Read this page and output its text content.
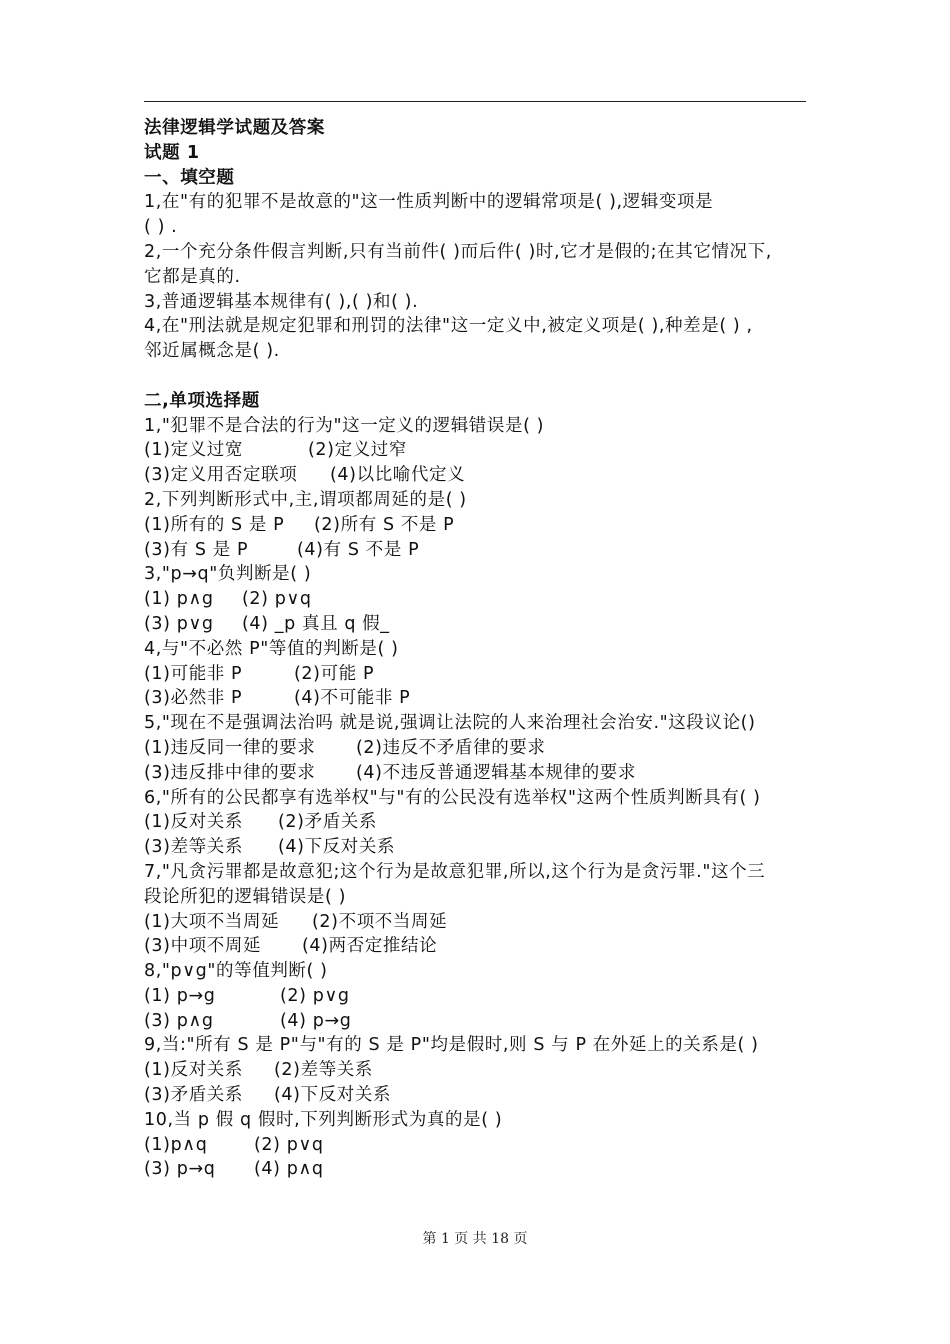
法律逻辑学试题及答案
试题 1
一、填空题
1,在"有的犯罪不是故意的"这一性质判断中的逻辑常项是( ),逻辑变项是
( ) .
2,一个充分条件假言判断,只有当前件( )而后件( )时,它才是假的;在其它情况下,
它都是真的.
3,普通逻辑基本规律有( ),( )和( ).
4,在"刑法就是规定犯罪和刑罚的法律"这一定义中,被定义项是( ),种差是( ) ,
邻近属概念是( ).
二,单项选择题
1,"犯罪不是合法的行为"这一定义的逻辑错误是( )
(1)定义过宽	(2)定义过窄
(3)定义用否定联项 (4)以比喻代定义
2,下列判断形式中,主,谓项都周延的是( )
(1)所有的 S 是 P (2)所有 S 不是 P
(3)有 S 是 P	(4)有 S 不是 P
3,"p→q"负判断是( )
(1) p∧g (2) p∨q
(3) p∨g (4) _p 真且 q 假_
4,与"不必然 P"等值的判断是( )
(1)可能非 P	(2)可能 P
(3)必然非 P	(4)不可能非 P
5,"现在不是强调法治吗 就是说,强调让法院的人来治理社会治安."这段议论()
(1)违反同一律的要求 (2)违反不矛盾律的要求
(3)违反排中律的要求 (4)不违反普通逻辑基本规律的要求
6,"所有的公民都享有选举权"与"有的公民没有选举权"这两个性质判断具有( )
(1)反对关系 (2)矛盾关系
(3)差等关系 (4)下反对关系
7,"凡贪污罪都是故意犯;这个行为是故意犯罪,所以,这个行为是贪污罪."这个三
段论所犯的逻辑错误是( )
(1)大项不当周延 (2)不项不当周延
(3)中项不周延 (4)两否定推结论
8,"p∨g"的等值判断( )
(1) p→g	(2) p∨g
(3) p∧g	(4) p→g
9,当:"所有 S 是 P"与"有的 S 是 P"均是假时,则 S 与 P 在外延上的关系是( )
(1)反对关系 (2)差等关系
(3)矛盾关系 (4)下反对关系
10,当 p 假 q 假时,下列判断形式为真的是( )
(1)p∧q	(2) p∨q
(3) p→q (4) p∧q
第 1 页 共 18 页
